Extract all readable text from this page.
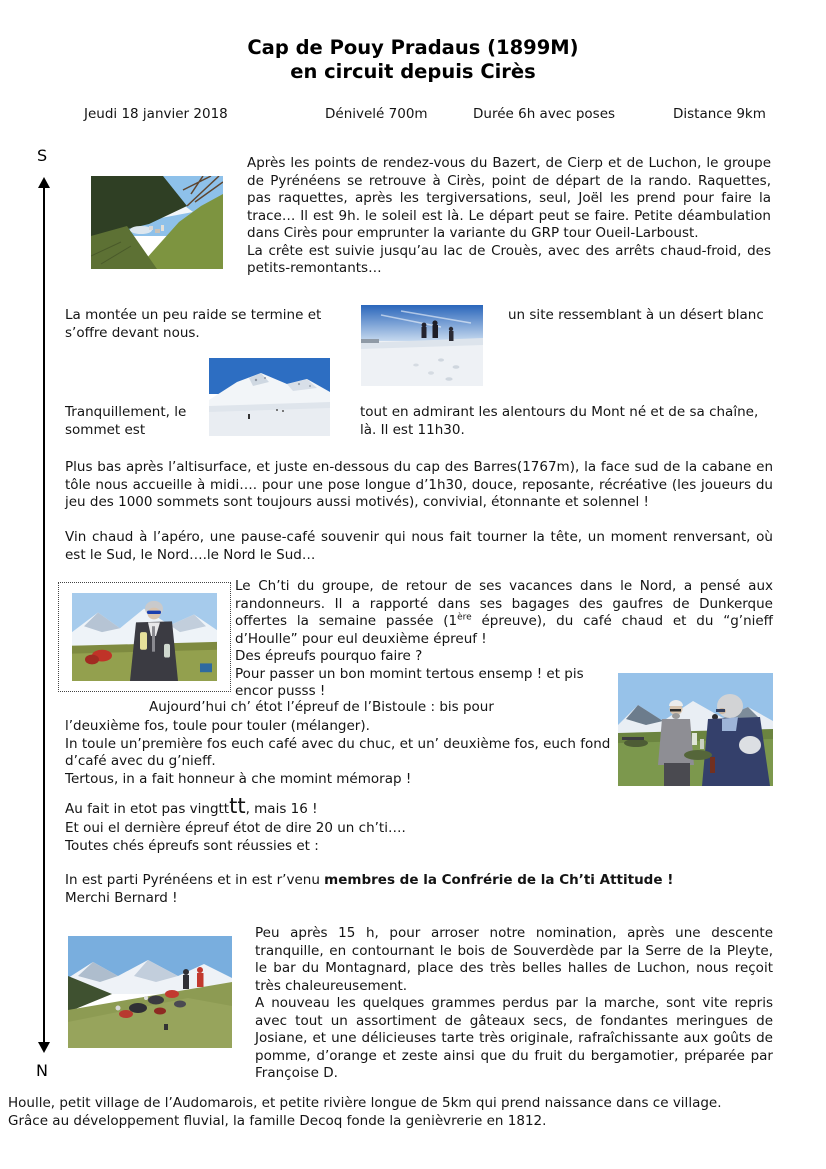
Cap de Pouy Pradaus (1899M)
en circuit depuis Cirès
Jeudi 18 janvier 2018	Dénivelé 700m	Durée 6h avec poses	Distance 9km
S
N
Après les points de rendez-vous du Bazert, de Cierp et de Luchon, le groupe de Pyrénéens se retrouve à Cirès, point de départ de la rando. Raquettes, pas raquettes, après les tergiversations, seul, Joël les prend pour faire la trace… Il est 9h. le soleil est là. Le départ peut se faire. Petite déambulation dans Cirès pour emprunter la variante du GRP tour Oueil-Larboust.
La crête est suivie jusqu’au lac de Crouès, avec des arrêts chaud-froid, des petits-remontants…
La montée un peu raide se termine et s’offre devant nous.
un site ressemblant à un désert blanc
Tranquillement, le sommet est
tout en admirant les alentours du Mont né et de sa chaîne, là. Il est 11h30.
Plus bas après l’altisurface, et juste en-dessous du cap des Barres(1767m), la face sud de la cabane en tôle nous accueille à midi…. pour une pose longue d’1h30, douce, reposante, récréative (les joueurs du jeu des 1000 sommets sont toujours aussi motivés), convivial, étonnante et solennel !
Vin chaud à l’apéro, une pause-café souvenir qui nous fait tourner la tête, un moment renversant, où est le Sud, le Nord….le Nord le Sud…
Le Ch’ti du groupe, de retour de ses vacances dans le Nord, a pensé aux randonneurs. Il a rapporté dans ses bagages des gaufres de Dunkerque offertes la semaine passée (1ère épreuve), du café chaud et du “g’nieff d’Houlle” pour eul deuxième épreuf !
Des épreufs pourquo faire ?
Pour passer un bon momint tertous ensemp ! et pis
encor pusss !
Aujourd’hui ch’ étot l’épreuf de l’Bistoule : bis pour
l’deuxième fos, toule pour touler (mélanger).
In toule un’première fos euch café avec du chuc, et un’ deuxième fos, euch fond d’café avec du g’nieff.
Tertous, in a fait honneur à che momint mémorap !
Au fait in etot pas vingtttt, mais 16 !
Et oui el dernière épreuf étot de dire 20 un ch’ti….
Toutes chés épreufs sont réussies et :
In est parti Pyrénéens et in est r’venu membres de la Confrérie de la Ch’ti Attitude !
Merchi Bernard !
Peu après 15 h, pour arroser notre nomination, après une descente tranquille, en contournant le bois de Souverdède par la Serre de la Pleyte, le bar du Montagnard, place des très belles halles de Luchon, nous reçoit très chaleureusement.
A nouveau les quelques grammes perdus par la marche, sont vite repris avec tout un assortiment de gâteaux secs, de fondantes meringues de Josiane, et une délicieuses tarte très originale, rafraîchissante aux goûts de pomme, d’orange et zeste ainsi que du fruit du bergamotier, préparée par Françoise D.
Houlle, petit village de l’Audomarois, et petite rivière longue de 5km qui prend naissance dans ce village.
Grâce au développement fluvial, la famille Decoq fonde la genièvrerie en 1812.
